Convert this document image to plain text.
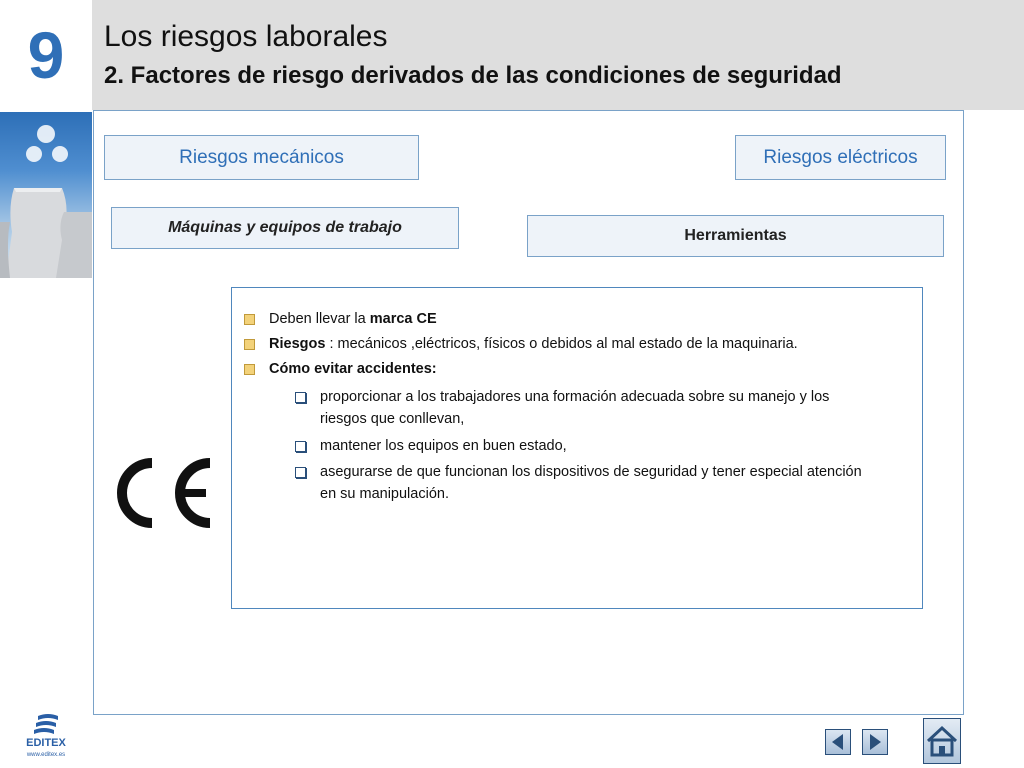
9	Los riesgos laborales
2. Factores de riesgo derivados de las condiciones de seguridad
Riesgos mecánicos	Riesgos eléctricos
Máquinas y equipos de trabajo	Herramientas
Deben llevar la marca CE
Riesgos : mecánicos ,eléctricos, físicos o debidos al mal estado de la maquinaria.
Cómo evitar accidentes:
proporcionar a los trabajadores una formación adecuada sobre su manejo y los
riesgos que conllevan,
mantener los equipos en buen estado,
asegurarse de que funcionan los dispositivos de seguridad y tener especial atención
en su manipulación.
EDITEX
www.editex.es
